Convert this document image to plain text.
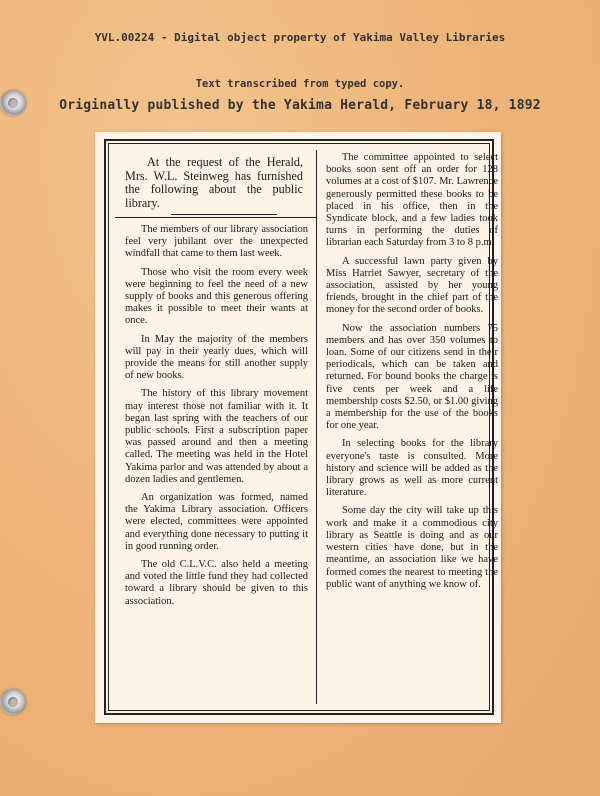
YVL.00224 - Digital object property of Yakima Valley Libraries
Text transcribed from typed copy.
Originally published by the Yakima Herald, February 18, 1892
At the request of the Herald, Mrs. W.L. Steinweg has furnished the following about the public library.

The members of our library association feel very jubilant over the unexpected windfall that came to them last week.

Those who visit the room every week were beginning to feel the need of a new supply of books and this generous offering makes it possible to meet their wants at once.

In May the majority of the members will pay in their yearly dues, which will provide the means for still another supply of new books.

The history of this library movement may interest those not familiar with it. It began last spring with the teachers of our public schools. First a subscription paper was passed around and then a meeting called. The meeting was held in the Hotel Yakima parlor and was attended by about a dozen ladies and gentlemen.

An organization was formed, named the Yakima Library association. Officers were elected, committees were appointed and everything done necessary to putting it in good running order.

The old C.L.V.C. also held a meeting and voted the little fund they had collected toward a library should be given to this association.

The committee appointed to select books soon sent off an order for 128 volumes at a cost of $107. Mr. Lawrence generously permitted these books to be placed in his office, then in the Syndicate block, and a few ladies took turns in performing the duties of librarian each Saturday from 3 to 8 p.m.

A successful lawn party given by Miss Harriet Sawyer, secretary of the association, assisted by her young friends, brought in the chief part of the money for the second order of books.

Now the association numbers 75 members and has over 350 volumes to loan. Some of our citizens send in their periodicals, which can be taken and returned. For bound books the charge is five cents per week and a life membership costs $2.50, or $1.00 giving a membership for the use of the books for one year.

In selecting books for the library everyone's taste is consulted. More history and science will be added as the library grows as well as more current literature.

Some day the city will take up this work and make it a commodious city library as Seattle is doing and as our western cities have done, but in the meantime, an association like we have formed comes the nearest to meeting the public want of anything we know of.
